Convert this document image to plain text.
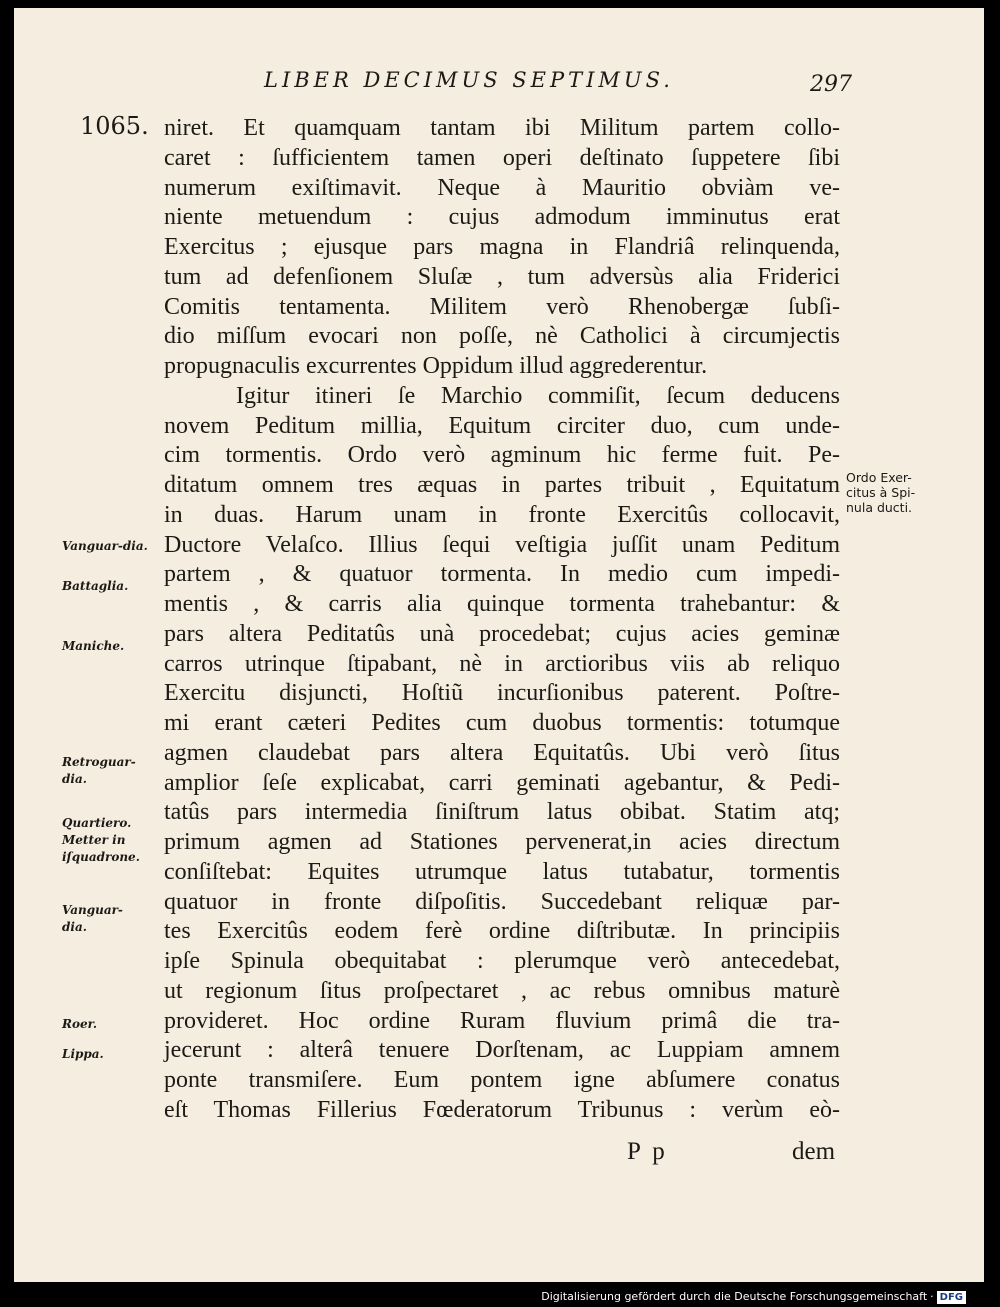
LIBER DECIMUS SEPTIMUS.	297
1065. niret. Et quamquam tantam ibi Militum partem collo-
caret : ſufficientem tamen operi deſtinato ſuppetere ſibi
numerum exiſtimavit. Neque à Mauritio obviàm ve-
niente metuendum : cujus admodum imminutus erat
Exercitus ; ejusque pars magna in Flandriâ relinquenda,
tum ad defenſionem Sluſæ , tum adversùs alia Friderici
Comitis tentamenta. Militem verò Rhenobergæ ſubſi-
dio miſſum evocari non poſſe, nè Catholici à circumjectis
propugnaculis excurrentes Oppidum illud aggrederentur.
Igitur itineri ſe Marchio commiſit, ſecum deducens
novem Peditum millia, Equitum circiter duo, cum unde-
cim tormentis. Ordo verò agminum hic ferme fuit. Pe-
ditatum omnem tres æquas in partes tribuit , Equitatum
in duas. Harum unam in fronte Exercitûs collocavit,
Ductore Velaſco. Illius ſequi veſtigia juſſit unam Peditum
partem , & quatuor tormenta. In medio cum impedi-
mentis , & carris alia quinque tormenta trahebantur: &
pars altera Peditatûs unà procedebat; cujus acies geminæ
carros utrinque ſtipabant, nè in arctioribus viis ab reliquo
Exercitu disjuncti, Hoſtiũ incurſionibus paterent. Poſtre-
mi erant cæteri Pedites cum duobus tormentis: totumque
agmen claudebat pars altera Equitatûs. Ubi verò ſitus
amplior ſeſe explicabat, carri geminati agebantur, & Pedi-
tatûs pars intermedia ſiniſtrum latus obibat. Statim atq;
primum agmen ad Stationes pervenerat,in acies directum
conſiſtebat: Equites utrumque latus tutabatur, tormentis
quatuor in fronte diſpoſitis. Succedebant reliquæ par-
tes Exercitûs eodem ferè ordine diſtributæ. In principiis
ipſe Spinula obequitabat : plerumque verò antecedebat,
ut regionum ſitus proſpectaret , ac rebus omnibus maturè
provideret. Hoc ordine Ruram fluvium primâ die tra-
jecerunt : alterâ tenuere Dorſtenam, ac Luppiam amnem
ponte transmiſere. Eum pontem igne abſumere conatus
eſt Thomas Fillerius Fœderatorum Tribunus : verùm eò-
Ordo Exer-
citus à Spi-
nula ducti.
Vanguar-dia.
Battaglia.
Maniche.
Retroguar-
dia.
Quartiero.
Metter in
iſquadrone.
Vanguar-
dia.
Roer.
Lippa.
P p	dem
Digitalisierung gefördert durch die Deutsche Forschungsgemeinschaft · DFG
